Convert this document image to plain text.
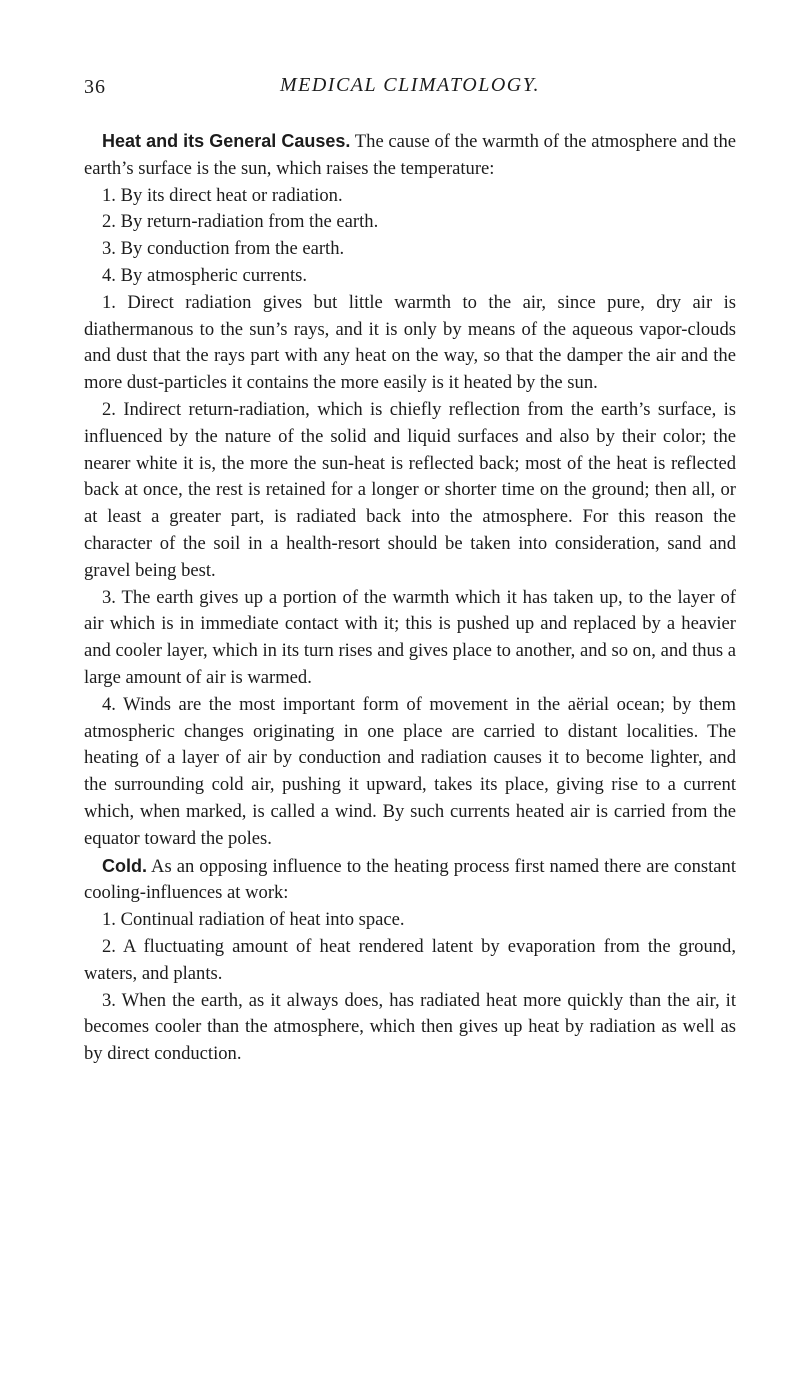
36	MEDICAL CLIMATOLOGY.

Heat and its General Causes. The cause of the warmth of the atmosphere and the earth’s surface is the sun, which raises the temperature:

1. By its direct heat or radiation.

2. By return-radiation from the earth.

3. By conduction from the earth.

4. By atmospheric currents.

1. Direct radiation gives but little warmth to the air, since pure, dry air is diathermanous to the sun’s rays, and it is only by means of the aqueous vapor-clouds and dust that the rays part with any heat on the way, so that the damper the air and the more dust-particles it contains the more easily is it heated by the sun.

2. Indirect return-radiation, which is chiefly reflection from the earth’s surface, is influenced by the nature of the solid and liquid surfaces and also by their color; the nearer white it is, the more the sun-heat is reflected back; most of the heat is reflected back at once, the rest is retained for a longer or shorter time on the ground; then all, or at least a greater part, is radiated back into the atmosphere. For this reason the character of the soil in a health-resort should be taken into consideration, sand and gravel being best.

3. The earth gives up a portion of the warmth which it has taken up, to the layer of air which is in immediate contact with it; this is pushed up and replaced by a heavier and cooler layer, which in its turn rises and gives place to another, and so on, and thus a large amount of air is warmed.

4. Winds are the most important form of movement in the aërial ocean; by them atmospheric changes originating in one place are carried to distant localities. The heating of a layer of air by conduction and radiation causes it to become lighter, and the surrounding cold air, pushing it upward, takes its place, giving rise to a current which, when marked, is called a wind. By such currents heated air is carried from the equator toward the poles.

Cold. As an opposing influence to the heating process first named there are constant cooling-influences at work:

1. Continual radiation of heat into space.

2. A fluctuating amount of heat rendered latent by evaporation from the ground, waters, and plants.

3. When the earth, as it always does, has radiated heat more quickly than the air, it becomes cooler than the atmosphere, which then gives up heat by radiation as well as by direct conduction.
